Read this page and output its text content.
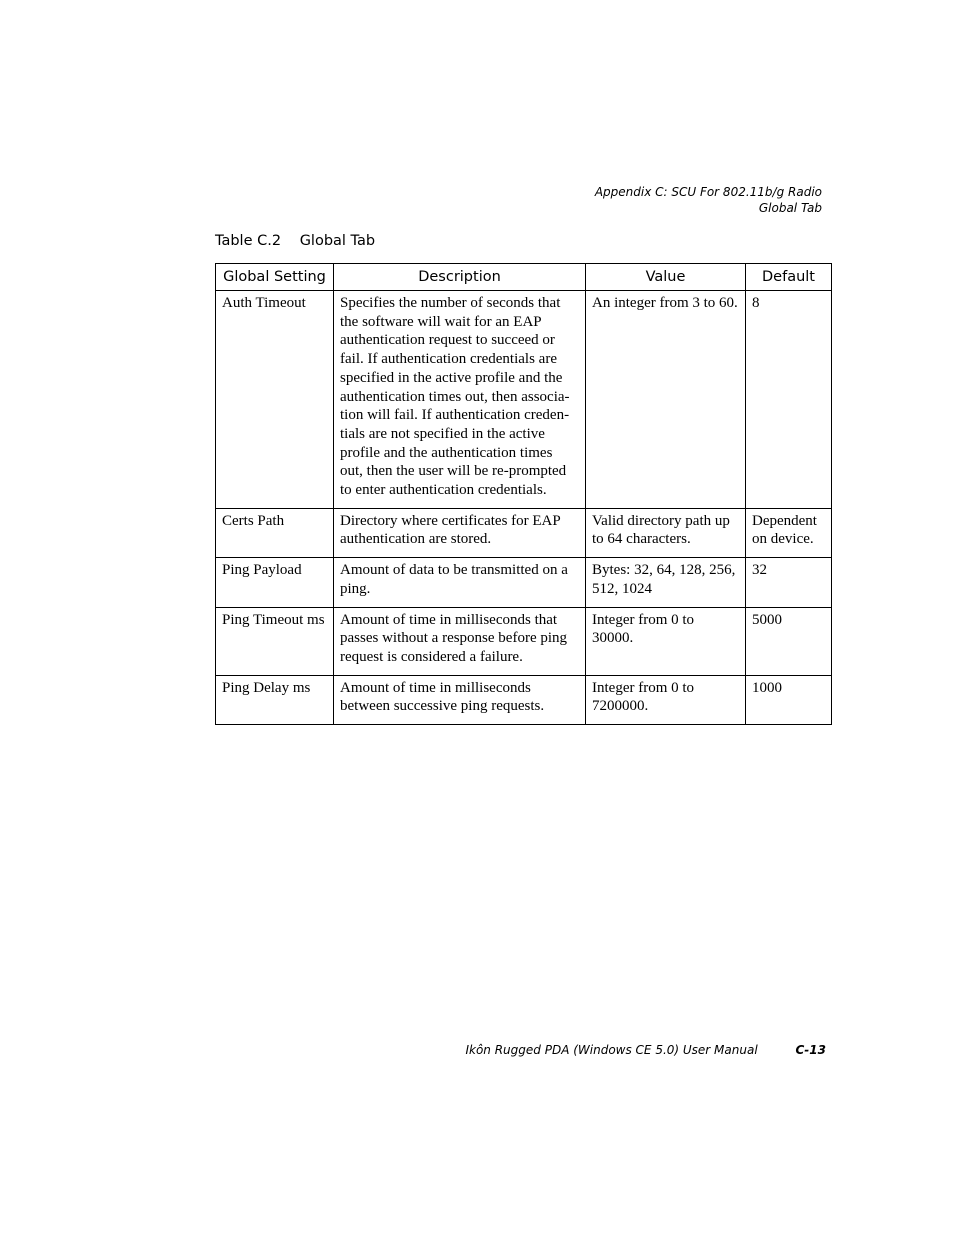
Appendix C: SCU For 802.11b/g Radio
Global Tab
Table C.2 Global Tab
Global Setting	Description	Value	Default
Auth Timeout	Specifies the number of seconds that the software will wait for an EAP authentication request to succeed or fail. If authentication credentials are specified in the active profile and the authentication times out, then associa-tion will fail. If authentication creden-tials are not specified in the active profile and the authentication times out, then the user will be re-prompted to enter authentication credentials.	An integer from 3 to 60.	8
Certs Path	Directory where certificates for EAP authentication are stored.	Valid directory path up to 64 characters.	Dependent on device.
Ping Payload	Amount of data to be transmitted on a ping.	Bytes: 32, 64, 128, 256, 512, 1024	32
Ping Timeout ms	Amount of time in milliseconds that passes without a response before ping request is considered a failure.	Integer from 0 to 30000.	5000
Ping Delay ms	Amount of time in milliseconds between successive ping requests.	Integer from 0 to 7200000.	1000
Ikôn Rugged PDA (Windows CE 5.0) User Manual	C-13
